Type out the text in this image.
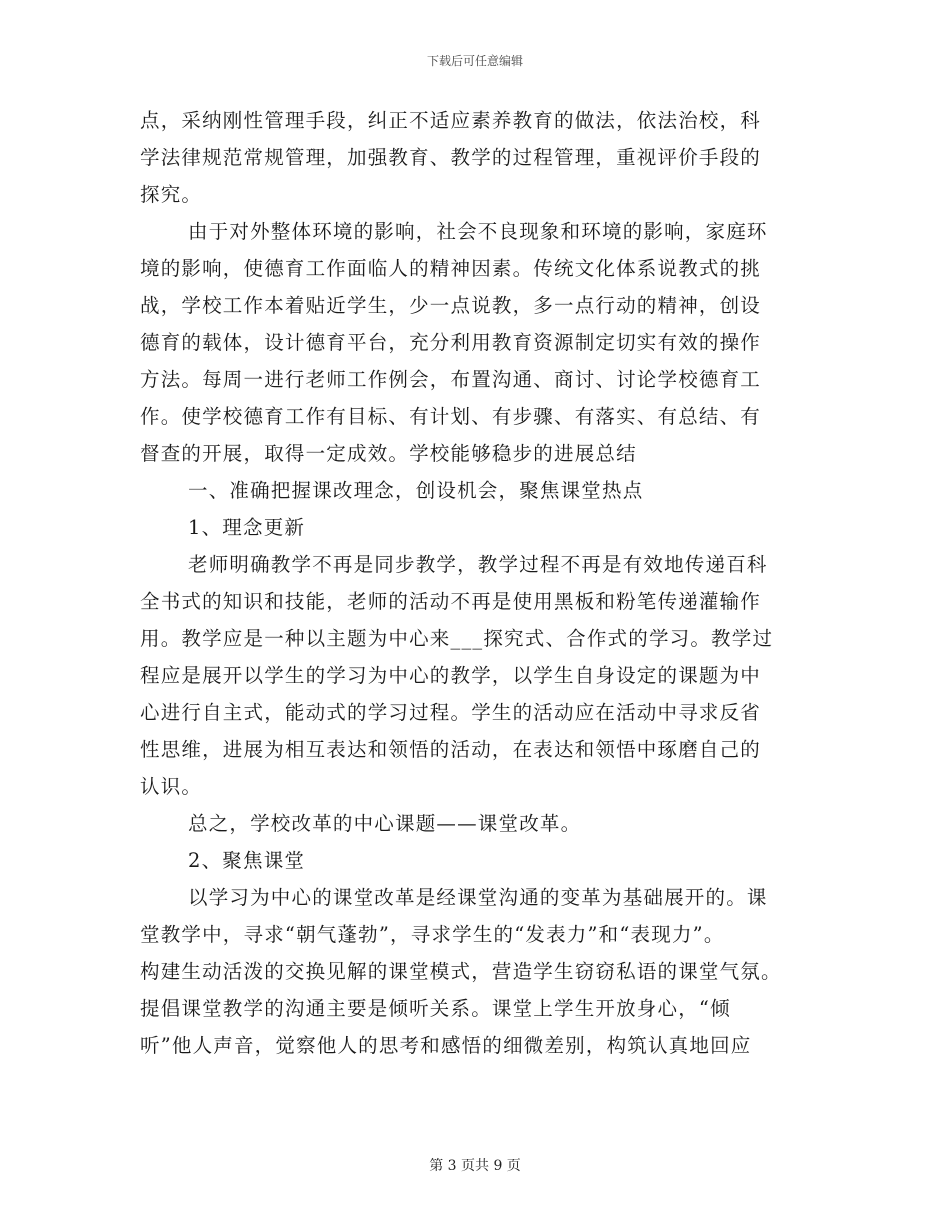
下载后可任意编辑
点，采纳刚性管理手段，纠正不适应素养教育的做法，依法治校，科
学法律规范常规管理，加强教育、教学的过程管理，重视评价手段的
探究。
由于对外整体环境的影响，社会不良现象和环境的影响，家庭环
境的影响，使德育工作面临人的精神因素。传统文化体系说教式的挑
战，学校工作本着贴近学生，少一点说教，多一点行动的精神，创设
德育的载体，设计德育平台，充分利用教育资源制定切实有效的操作
方法。每周一进行老师工作例会，布置沟通、商讨、讨论学校德育工
作。使学校德育工作有目标、有计划、有步骤、有落实、有总结、有
督查的开展，取得一定成效。学校能够稳步的进展总结
一、准确把握课改理念，创设机会，聚焦课堂热点
1、理念更新
老师明确教学不再是同步教学，教学过程不再是有效地传递百科
全书式的知识和技能，老师的活动不再是使用黑板和粉笔传递灌输作
用。教学应是一种以主题为中心来___探究式、合作式的学习。教学过
程应是展开以学生的学习为中心的教学，以学生自身设定的课题为中
心进行自主式，能动式的学习过程。学生的活动应在活动中寻求反省
性思维，进展为相互表达和领悟的活动，在表达和领悟中琢磨自己的
认识。
总之，学校改革的中心课题——课堂改革。
2、聚焦课堂
以学习为中心的课堂改革是经课堂沟通的变革为基础展开的。课
堂教学中，寻求“朝气蓬勃”，寻求学生的“发表力”和“表现力”。
构建生动活泼的交换见解的课堂模式，营造学生窃窃私语的课堂气氛。
提倡课堂教学的沟通主要是倾听关系。课堂上学生开放身心，“倾
听”他人声音，觉察他人的思考和感悟的细微差别，构筑认真地回应
第 3 页共 9 页
